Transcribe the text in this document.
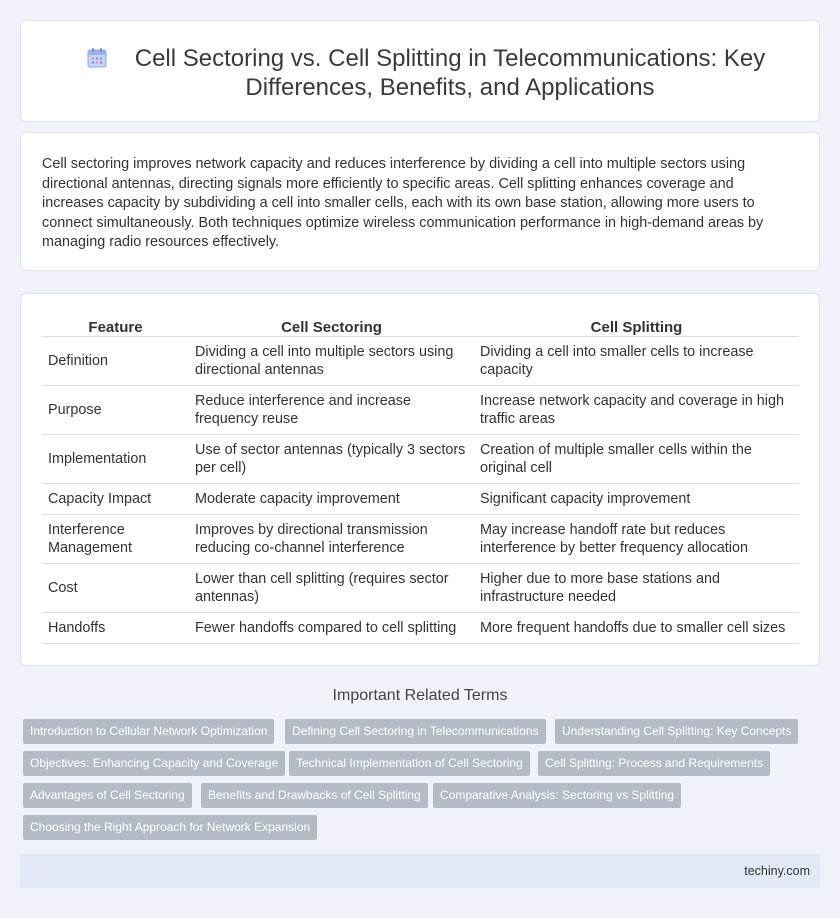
Cell Sectoring vs. Cell Splitting in Telecommunications: Key Differences, Benefits, and Applications

Cell sectoring improves network capacity and reduces interference by dividing a cell into multiple sectors using directional antennas, directing signals more efficiently to specific areas. Cell splitting enhances coverage and increases capacity by subdividing a cell into smaller cells, each with its own base station, allowing more users to connect simultaneously. Both techniques optimize wireless communication performance in high-demand areas by managing radio resources effectively.

Feature	Cell Sectoring	Cell Splitting
Definition	Dividing a cell into multiple sectors using directional antennas	Dividing a cell into smaller cells to increase capacity
Purpose	Reduce interference and increase frequency reuse	Increase network capacity and coverage in high traffic areas
Implementation	Use of sector antennas (typically 3 sectors per cell)	Creation of multiple smaller cells within the original cell
Capacity Impact	Moderate capacity improvement	Significant capacity improvement
Interference Management	Improves by directional transmission reducing co-channel interference	May increase handoff rate but reduces interference by better frequency allocation
Cost	Lower than cell splitting (requires sector antennas)	Higher due to more base stations and infrastructure needed
Handoffs	Fewer handoffs compared to cell splitting	More frequent handoffs due to smaller cell sizes
Important Related Terms
Introduction to Cellular Network Optimization	Defining Cell Sectoring in Telecommunications	Understanding Cell Splitting: Key Concepts
Objectives: Enhancing Capacity and Coverage	Technical Implementation of Cell Sectoring	Cell Splitting: Process and Requirements
Advantages of Cell Sectoring	Benefits and Drawbacks of Cell Splitting	Comparative Analysis: Sectoring vs Splitting
Choosing the Right Approach for Network Expansion
techiny.com
